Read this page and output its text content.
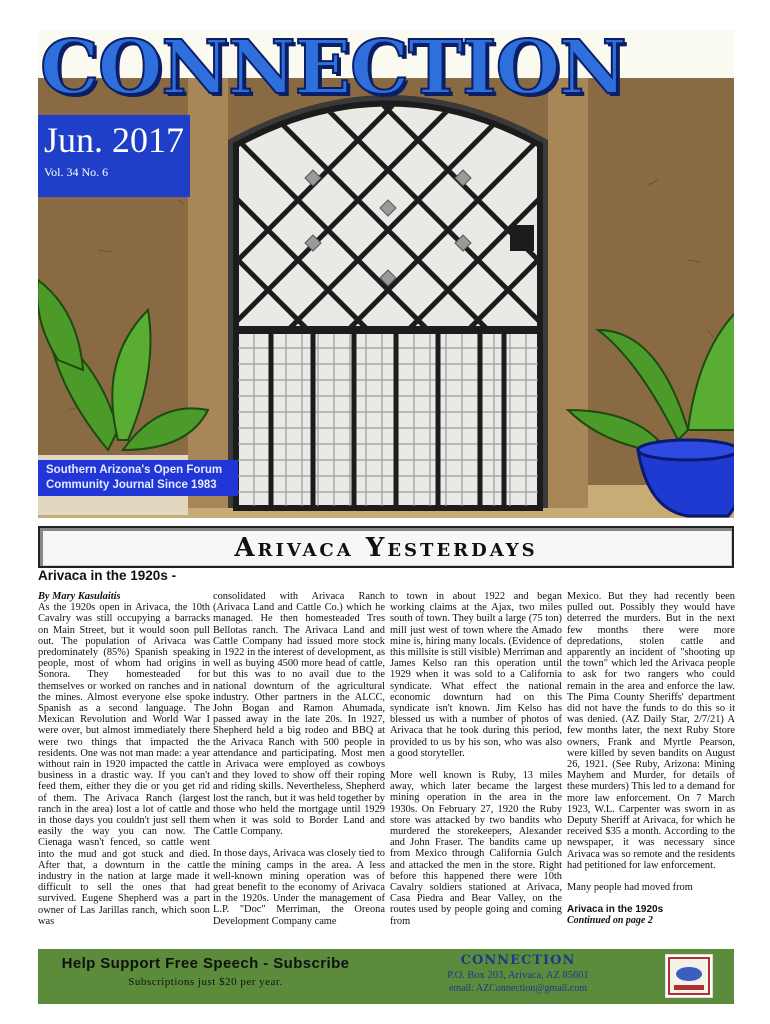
CONNECTION
Jun. 2017
Vol. 34 No. 6
Southern Arizona's Open Forum
Community Journal Since 1983
Arivaca Yesterdays
Arivaca in the 1920s -
By Mary Kasulaitis

As the 1920s open in Arivaca, the 10th Cavalry was still occupying a barracks on Main Street, but it would soon pull out. The population of Arivaca was predominately (85%) Spanish speaking people, most of whom had origins in Sonora. They homesteaded for themselves or worked on ranches and in the mines. Almost everyone else spoke Spanish as a second language. The Mexican Revolution and World War I were over, but almost immediately there were two things that impacted the residents. One was not man made: a year without rain in 1920 impacted the cattle business in a drastic way. If you can't feed them, either they die or you get rid of them. The Arivaca Ranch (largest ranch in the area) lost a lot of cattle and in those days you couldn't just sell them easily the way you can now. The Cienaga wasn't fenced, so cattle went into the mud and got stuck and died. After that, a downturn in the cattle industry in the nation at large made it difficult to sell the ones that had survived. Eugene Shepherd was a part owner of Las Jarillas ranch, which soon was

consolidated with Arivaca Ranch (Arivaca Land and Cattle Co.) which he managed. He then homesteaded Tres Bellotas ranch. The Arivaca Land and Cattle Company had issued more stock in 1922 in the interest of development, as well as buying 4500 more head of cattle, but this was to no avail due to the national downturn of the agricultural industry. Other partners in the ALCC, John Bogan and Ramon Ahumada, passed away in the late 20s. In 1927, Shepherd held a big rodeo and BBQ at the Arivaca Ranch with 500 people in attendance and participating. Most men in Arivaca were employed as cowboys and they loved to show off their roping and riding skills. Nevertheless, Shepherd lost the ranch, but it was held together by those who held the mortgage until 1929 when it was sold to Border Land and Cattle Company.

In those days, Arivaca was closely tied to the mining camps in the area. A less well-known mining operation was of great benefit to the economy of Arivaca in the 1920s. Under the management of L.P. "Doc" Merriman, the Oreona Development Company came

to town in about 1922 and began working claims at the Ajax, two miles south of town. They built a large (75 ton) mill just west of town where the Amado mine is, hiring many locals. (Evidence of this millsite is still visible) Merriman and James Kelso ran this operation until 1929 when it was sold to a California syndicate. What effect the national economic downturn had on this syndicate isn't known. Jim Kelso has blessed us with a number of photos of Arivaca that he took during this period, provided to us by his son, who was also a good storyteller.

More well known is Ruby, 13 miles away, which later became the largest mining operation in the area in the 1930s. On February 27, 1920 the Ruby store was attacked by two bandits who murdered the storekeepers, Alexander and John Fraser. The bandits came up from Mexico through California Gulch and attacked the men in the store. Right before this happened there were 10th Cavalry soldiers stationed at Arivaca, Casa Piedra and Bear Valley, on the routes used by people going and coming from

Mexico. But they had recently been pulled out. Possibly they would have deterred the murders. But in the next few months there were more depredations, stolen cattle and apparently an incident of "shooting up the town" which led the Arivaca people to ask for two rangers who could remain in the area and enforce the law. The Pima County Sheriffs' department did not have the funds to do this so it was denied. (AZ Daily Star, 2/7/21) A few months later, the next Ruby Store owners, Frank and Myrtle Pearson, were killed by seven bandits on August 26, 1921. (See Ruby, Arizona: Mining Mayhem and Murder, for details of these murders) This led to a demand for more law enforcement. On 7 March 1923, W.L. Carpenter was sworn in as Deputy Sheriff at Arivaca, for which he received $35 a month. According to the newspaper, it was necessary since Arivaca was so remote and the residents had petitioned for law enforcement.

Many people had moved from

Arivaca in the 1920s
Continued on page 2
Help Support Free Speech - Subscribe
Subscriptions just $20 per year.
CONNECTION
P.O. Box 203, Arivaca, AZ 85601
email: AZConnection@gmail.com
